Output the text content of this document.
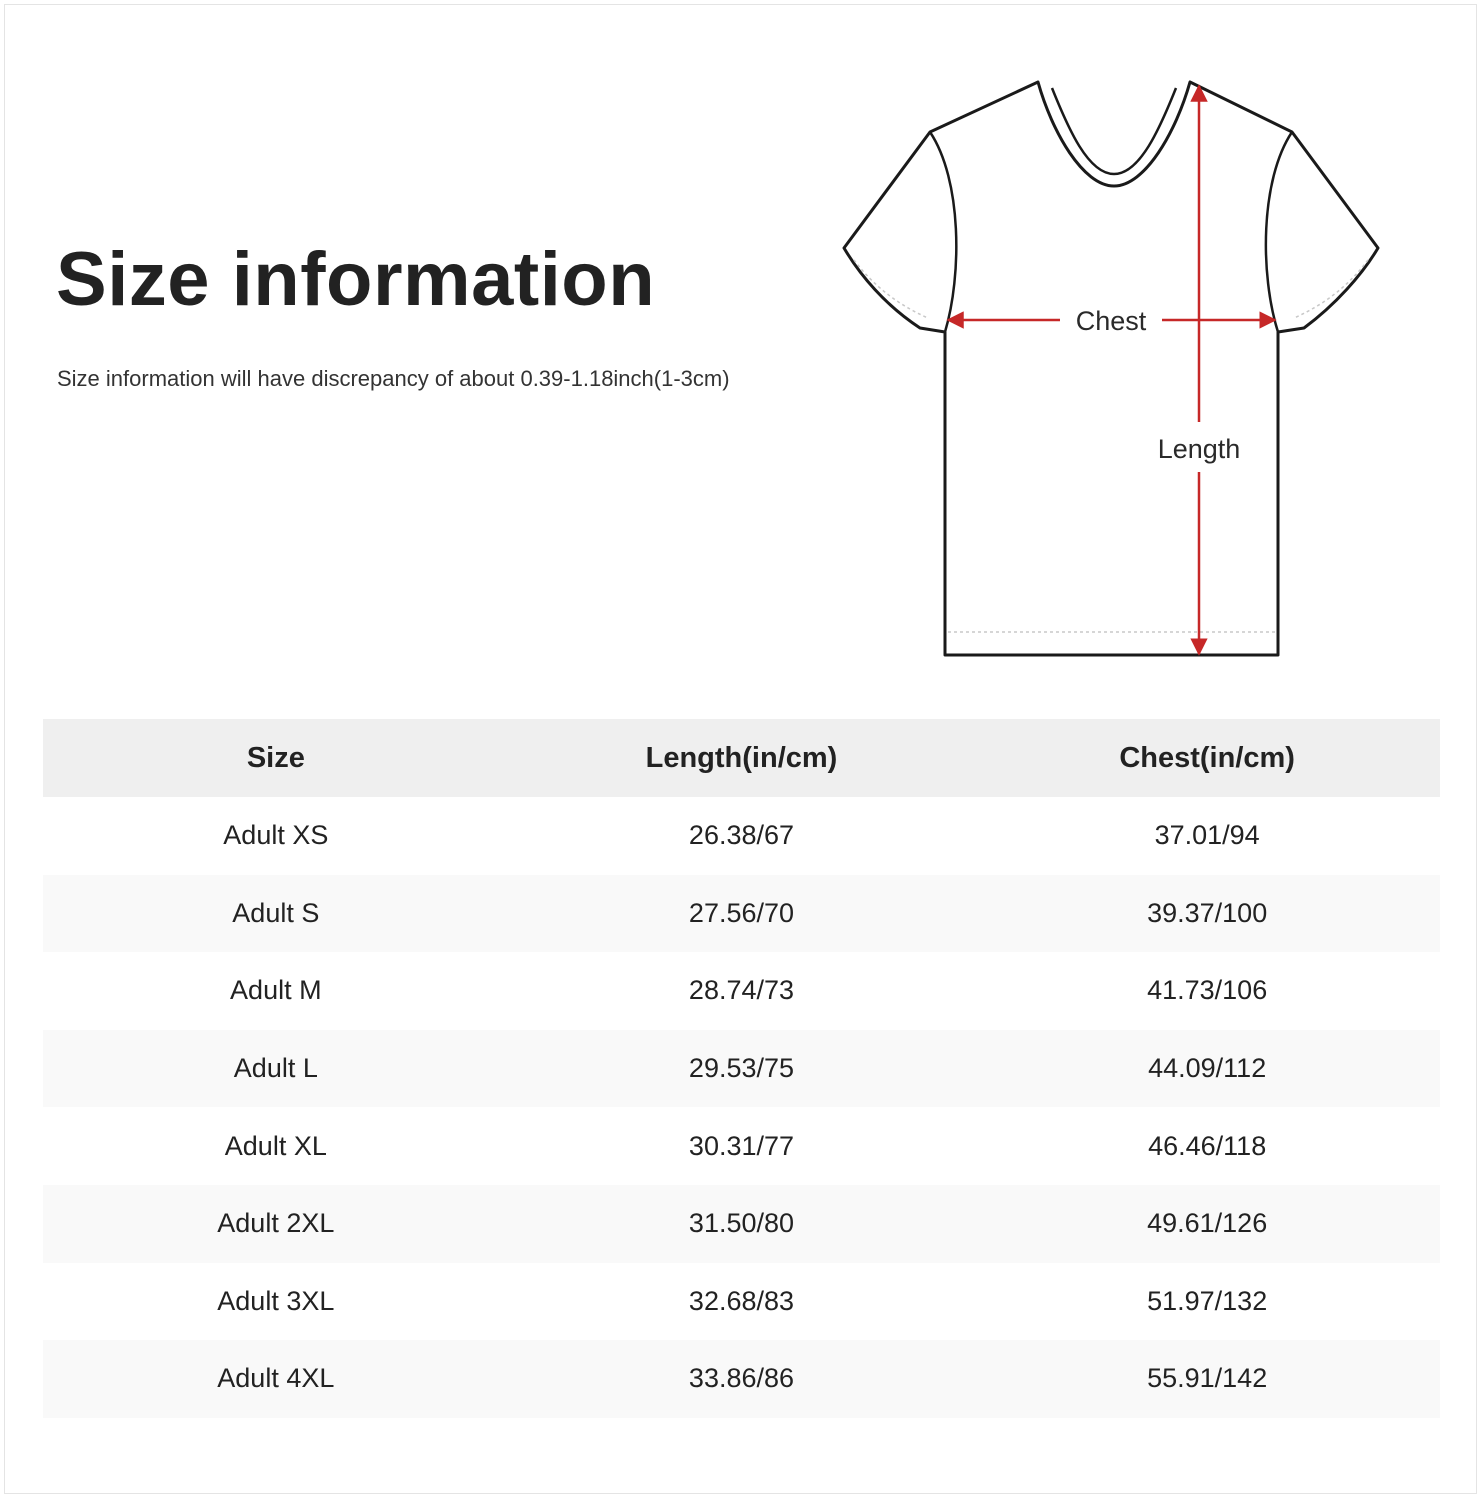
Size information

Size information will have discrepancy of about 0.39-1.18inch(1-3cm)

Chest
Length
Size	Length(in/cm)	Chest(in/cm)
Adult XS	26.38/67	37.01/94
Adult S	27.56/70	39.37/100
Adult M	28.74/73	41.73/106
Adult L	29.53/75	44.09/112
Adult XL	30.31/77	46.46/118
Adult 2XL	31.50/80	49.61/126
Adult 3XL	32.68/83	51.97/132
Adult 4XL	33.86/86	55.91/142
